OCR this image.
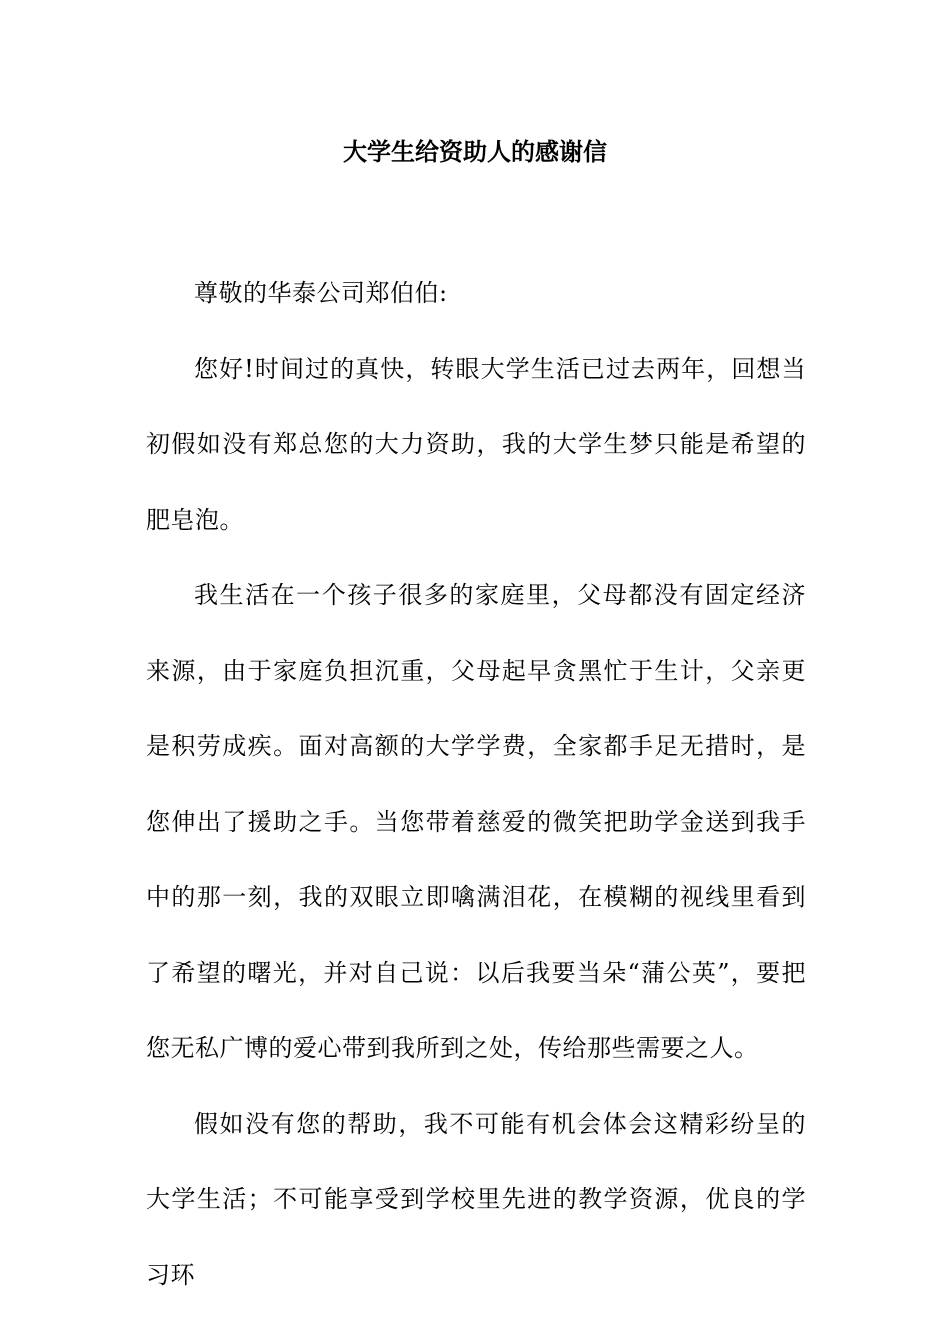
大学生给资助人的感谢信

尊敬的华泰公司郑伯伯:

您好!时间过的真快，转眼大学生活已过去两年，回想当初假如没有郑总您的大力资助，我的大学生梦只能是希望的肥皂泡。

我生活在一个孩子很多的家庭里，父母都没有固定经济来源，由于家庭负担沉重，父母起早贪黑忙于生计，父亲更是积劳成疾。面对高额的大学学费，全家都手足无措时，是您伸出了援助之手。当您带着慈爱的微笑把助学金送到我手中的那一刻，我的双眼立即噙满泪花，在模糊的视线里看到了希望的曙光，并对自己说：以后我要当朵“蒲公英”，要把您无私广博的爱心带到我所到之处，传给那些需要之人。

假如没有您的帮助，我不可能有机会体会这精彩纷呈的大学生活；不可能享受到学校里先进的教学资源，优良的学习环
